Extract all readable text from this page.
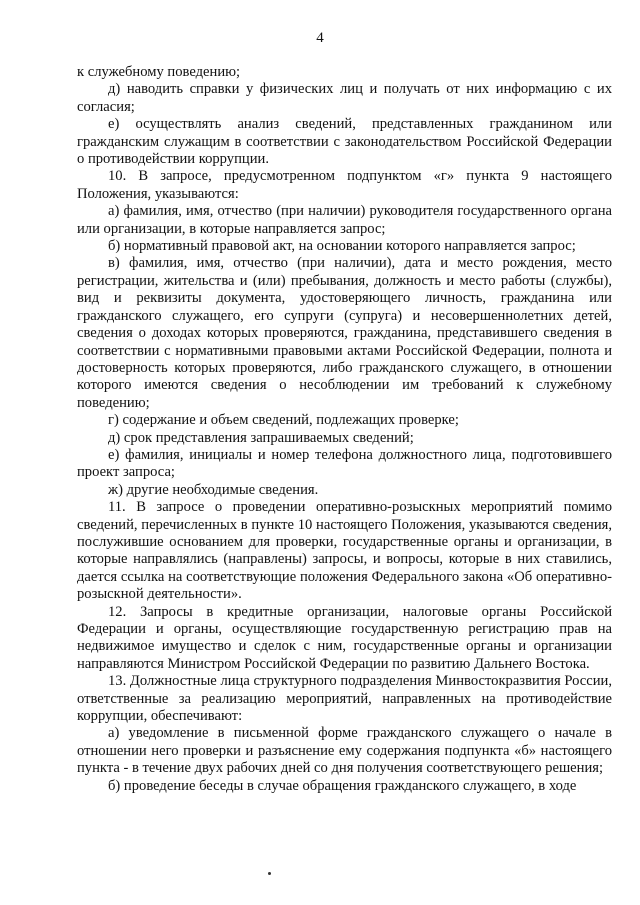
4

к служебному поведению;

д) наводить справки у физических лиц и получать от них информацию с их согласия;

е) осуществлять анализ сведений, представленных гражданином или гражданским служащим в соответствии с законодательством Российской Федерации о противодействии коррупции.

10. В запросе, предусмотренном подпунктом «г» пункта 9 настоящего Положения, указываются:

а) фамилия, имя, отчество (при наличии) руководителя государственного органа или организации, в которые направляется запрос;

б) нормативный правовой акт, на основании которого направляется запрос;

в) фамилия, имя, отчество (при наличии), дата и место рождения, место регистрации, жительства и (или) пребывания, должность и место работы (службы), вид и реквизиты документа, удостоверяющего личность, гражданина или гражданского служащего, его супруги (супруга) и несовершеннолетних детей, сведения о доходах которых проверяются, гражданина, представившего сведения в соответствии с нормативными правовыми актами Российской Федерации, полнота и достоверность которых проверяются, либо гражданского служащего, в отношении которого имеются сведения о несоблюдении им требований к служебному поведению;

г) содержание и объем сведений, подлежащих проверке;

д) срок представления запрашиваемых сведений;

е) фамилия, инициалы и номер телефона должностного лица, подготовившего проект запроса;

ж) другие необходимые сведения.

11. В запросе о проведении оперативно-розыскных мероприятий помимо сведений, перечисленных в пункте 10 настоящего Положения, указываются сведения, послужившие основанием для проверки, государственные органы и организации, в которые направлялись (направлены) запросы, и вопросы, которые в них ставились, дается ссылка на соответствующие положения Федерального закона «Об оперативно-розыскной деятельности».

12. Запросы в кредитные организации, налоговые органы Российской Федерации и органы, осуществляющие государственную регистрацию прав на недвижимое имущество и сделок с ним, государственные органы и организации направляются Министром Российской Федерации по развитию Дальнего Востока.

13. Должностные лица структурного подразделения Минвостокразвития России, ответственные за реализацию мероприятий, направленных на противодействие коррупции, обеспечивают:

а) уведомление в письменной форме гражданского служащего о начале в отношении него проверки и разъяснение ему содержания подпункта «б» настоящего пункта - в течение двух рабочих дней со дня получения соответствующего решения;

б) проведение беседы в случае обращения гражданского служащего, в ходе
